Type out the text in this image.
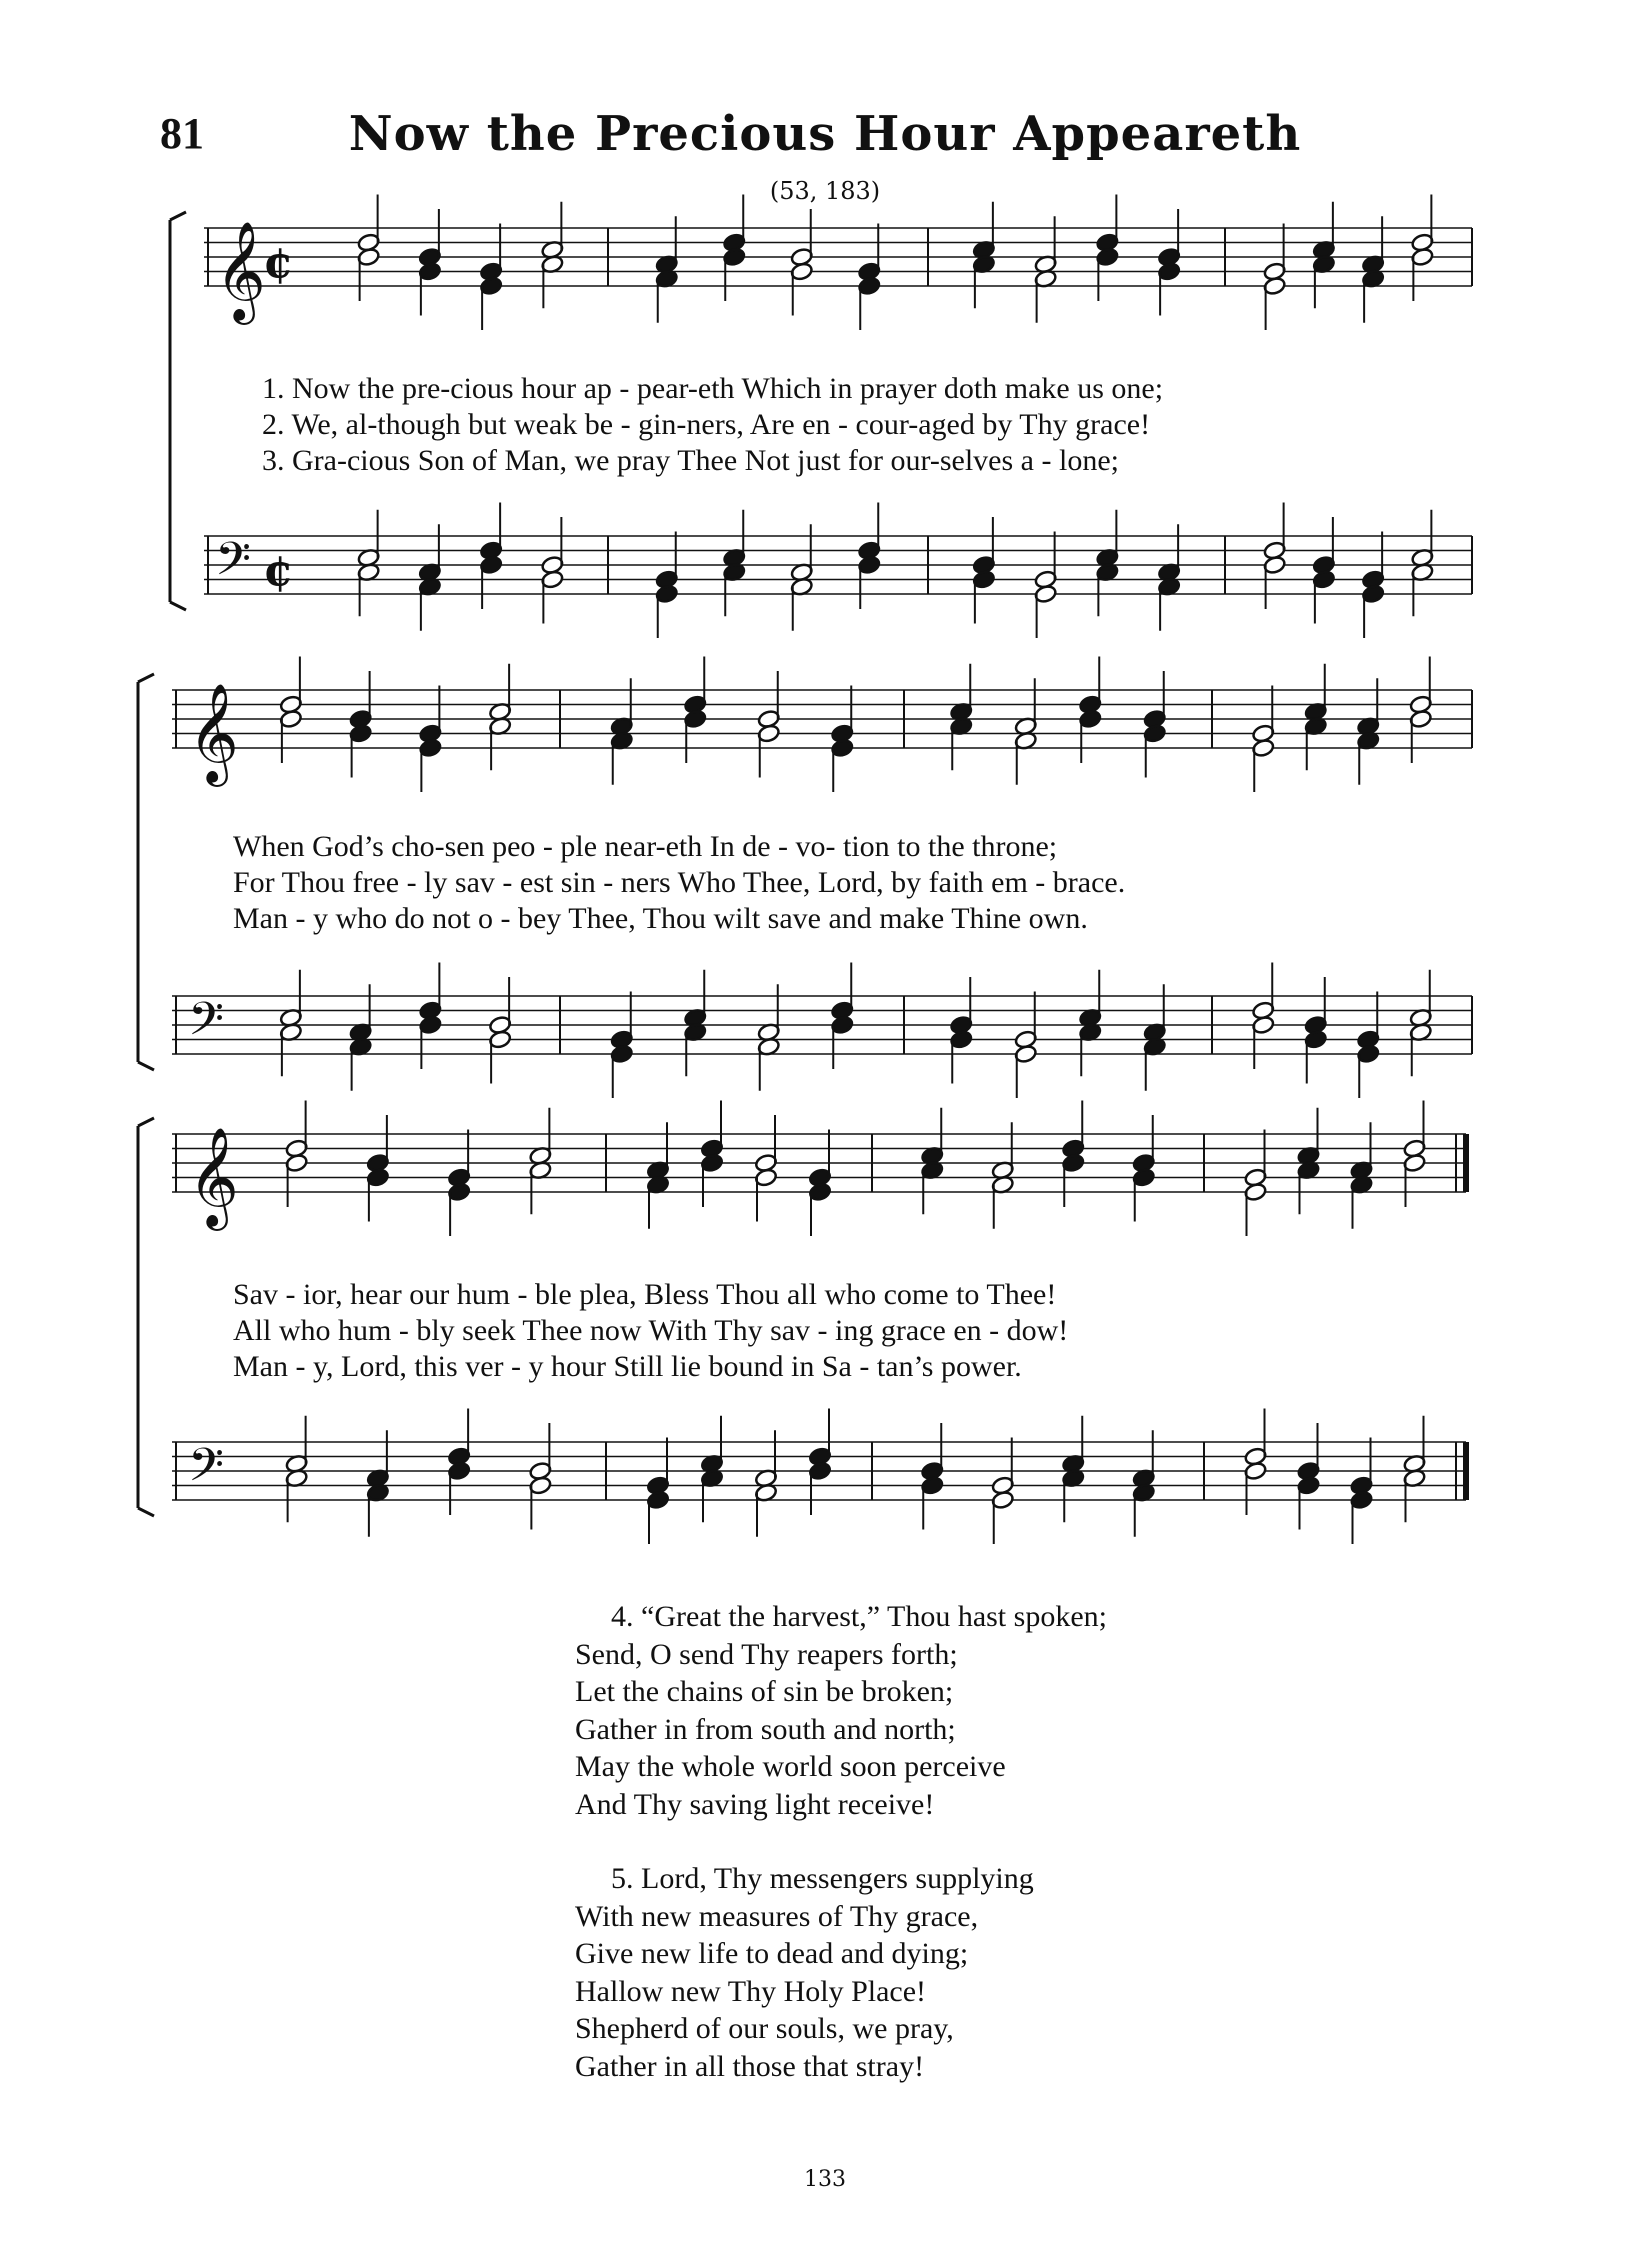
81	Now the Precious Hour Appeareth
(53, 183)
𝄞
¢
𝄢 ¢
𝄞
𝄢
𝄞
𝄢
1. Now the pre-cious hour ap - pear-eth Which in prayer doth make us one;
2. We, al-though but weak be - gin-ners, Are en - cour-aged by Thy grace!
3. Gra-cious Son of Man, we pray Thee Not just for our-selves a - lone;
When God’s cho-sen peo - ple near-eth In de - vo- tion to the throne;
For Thou free - ly sav - est sin - ners Who Thee, Lord, by faith em - brace.
Man - y who do not o - bey Thee, Thou wilt save and make Thine own.
Sav - ior, hear our hum - ble plea, Bless Thou all who come to Thee!
All who hum - bly seek Thee now With Thy sav - ing grace en - dow!
Man - y, Lord, this ver - y hour Still lie bound in Sa - tan’s power.
4. “Great the harvest,” Thou hast spoken;
Send, O send Thy reapers forth;
Let the chains of sin be broken;
Gather in from south and north;
May the whole world soon perceive
And Thy saving light receive!
5. Lord, Thy messengers supplying
With new measures of Thy grace,
Give new life to dead and dying;
Hallow new Thy Holy Place!
Shepherd of our souls, we pray,
Gather in all those that stray!
133
